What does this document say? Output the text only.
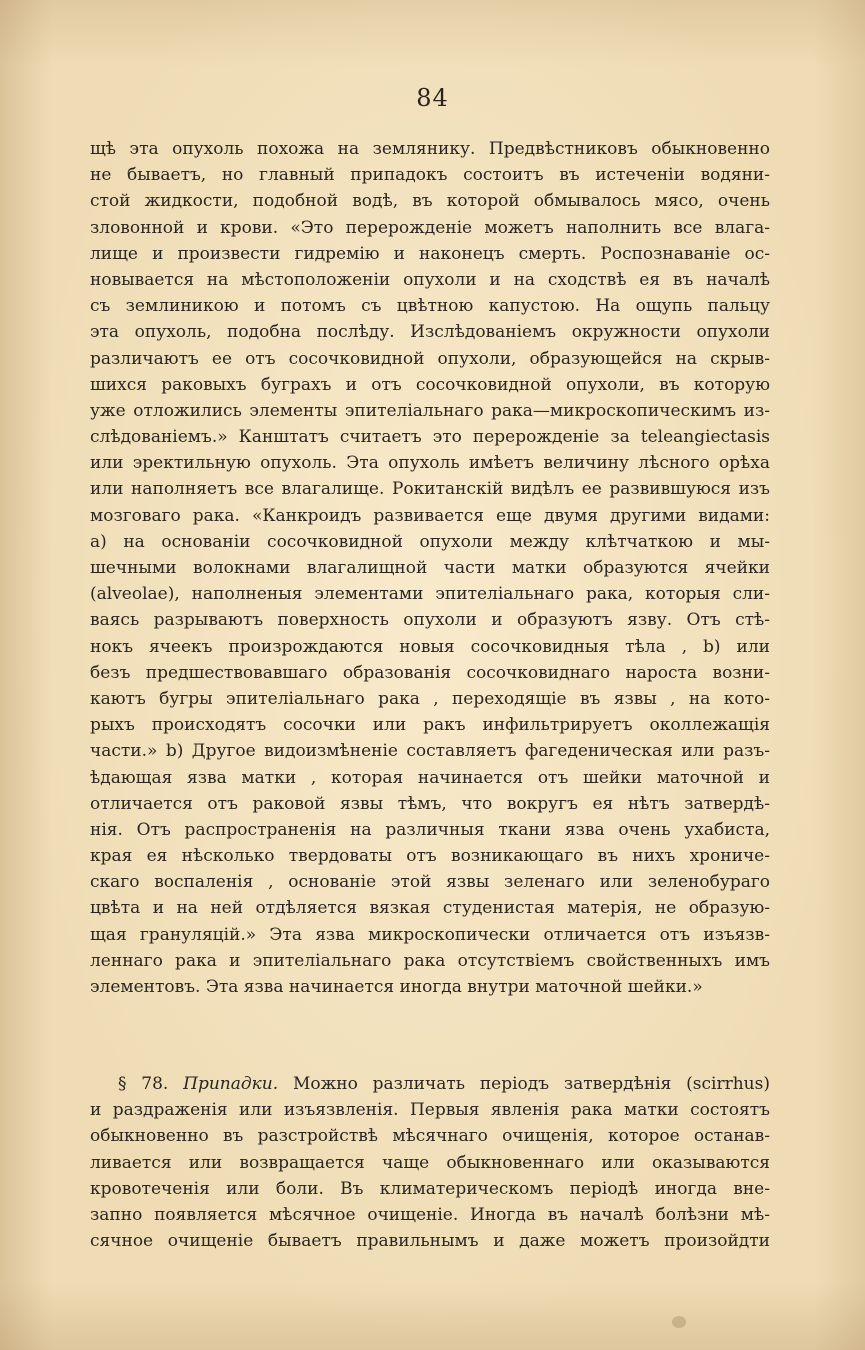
84
щѣ эта опухоль похожа на землянику. Предвѣстниковъ обыкновенно
не бываетъ, но главный припадокъ состоитъ въ истеченіи водяни-
стой жидкости, подобной водѣ, въ которой обмывалось мясо, очень
зловонной и крови. «Это перерожденіе можетъ наполнить все влага-
лище и произвести гидремію и наконецъ смерть. Роспознаваніе ос-
новывается на мѣстоположеніи опухоли и на сходствѣ ея въ началѣ
съ землиникою и потомъ съ цвѣтною капустою. На ощупь пальцу
эта опухоль, подобна послѣду. Изслѣдованіемъ окружности опухоли
различаютъ ее отъ сосочковидной опухоли, образующейся на скрыв-
шихся раковыхъ буграхъ и отъ сосочковидной опухоли, въ которую
уже отложились элементы эпителіальнаго рака—микроскопическимъ из-
слѣдованіемъ.» Канштатъ считаетъ это перерожденіе за teleangiectasis
или эректильную опухоль. Эта опухоль имѣетъ величину лѣсного орѣха
или наполняетъ все влагалище. Рокитанскій видѣлъ ее развившуюся изъ
мозговаго рака. «Канкроидъ развивается еще двумя другими видами:
а) на основаніи сосочковидной опухоли между клѣтчаткою и мы-
шечными волокнами влагалищной части матки образуются ячейки
(alveolae), наполненыя элементами эпителіальнаго рака, которыя сли-
ваясь разрываютъ поверхность опухоли и образуютъ язву. Отъ стѣ-
нокъ ячеекъ произрождаются новыя сосочковидныя тѣла , b) или
безъ предшествовавшаго образованія сосочковиднаго нароста возни-
каютъ бугры эпителіальнаго рака , переходящіе въ язвы , на кото-
рыхъ происходятъ сосочки или ракъ инфильтрируетъ околлежащія
части.» b) Другое видоизмѣненіе составляетъ фагеденическая или разъ-
ѣдающая язва матки , которая начинается отъ шейки маточной и
отличается отъ раковой язвы тѣмъ, что вокругъ ея нѣтъ затвердѣ-
нія. Отъ распространенія на различныя ткани язва очень ухабиста,
края ея нѣсколько твердоваты отъ возникающаго въ нихъ хрониче-
скаго воспаленія , основаніе этой язвы зеленаго или зеленобураго
цвѣта и на ней отдѣляется вязкая студенистая матерія, не образую-
щая грануляцій.» Эта язва микроскопически отличается отъ изъязв-
леннаго рака и эпителіальнаго рака отсутствіемъ свойственныхъ имъ
элементовъ. Эта язва начинается иногда внутри маточной шейки.»
§ 78. Припадки. Можно различать періодъ затвердѣнія (scirrhus)
и раздраженія или изъязвленія. Первыя явленія рака матки состоятъ
обыкновенно въ разстройствѣ мѣсячнаго очищенія, которое останав-
ливается или возвращается чаще обыкновеннаго или оказываются
кровотеченія или боли. Въ климатерическомъ періодѣ иногда вне-
запно появляется мѣсячное очищеніе. Иногда въ началѣ болѣзни мѣ-
сячное очищеніе бываетъ правильнымъ и даже можетъ произойдти
